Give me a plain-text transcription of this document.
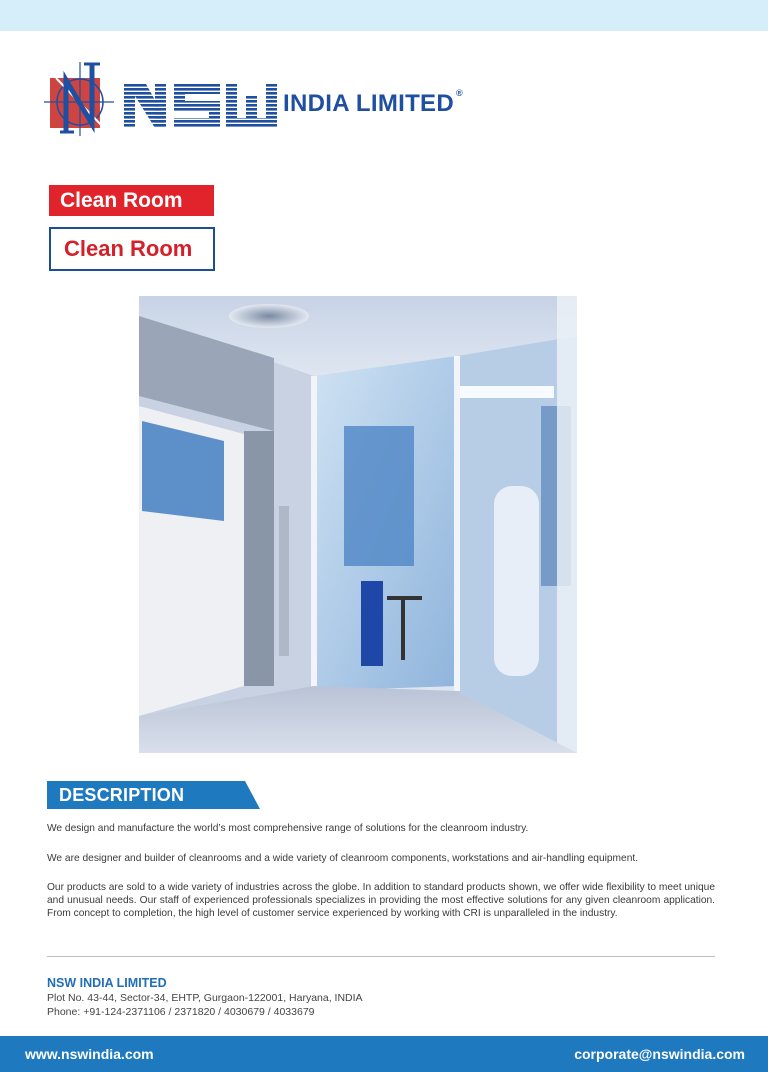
INDIA LIMITED ®
Clean Room
Clean Room
DESCRIPTION

We design and manufacture the world’s most comprehensive range of solutions for the cleanroom industry.

We are designer and builder of cleanrooms and a wide variety of cleanroom components, workstations and air-handling equipment.

Our products are sold to a wide variety of industries across the globe. In addition to standard products shown, we offer wide flexibility to meet unique and unusual needs. Our staff of experienced professionals specializes in providing the most effective solutions for any given cleanroom application. From concept to completion, the high level of customer service experienced by working with CRI is unparalleled in the industry.

NSW INDIA LIMITED
Plot No. 43-44, Sector-34, EHTP, Gurgaon-122001, Haryana, INDIA
Phone: +91-124-2371106 / 2371820 / 4030679 / 4033679
www.nswindia.com	corporate@nswindia.com
